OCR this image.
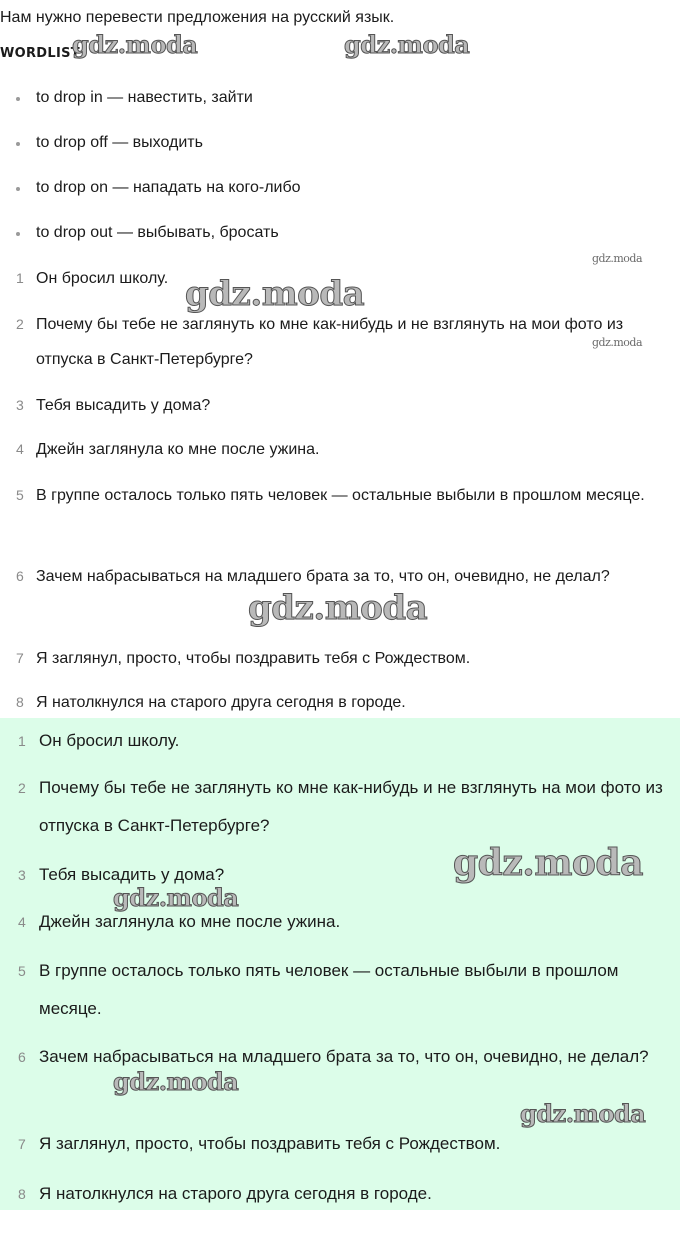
Нам нужно перевести предложения на русский язык.
WORDLIST
to drop in — навестить, зайти
to drop off — выходить
to drop on — нападать на кого-либо
to drop out — выбывать, бросать
1 Он бросил школу.
2 Почему бы тебе не заглянуть ко мне как-нибудь и не взглянуть на мои фото из отпуска в Санкт-Петербурге?
3 Тебя высадить у дома?
4 Джейн заглянула ко мне после ужина.
5 В группе осталось только пять человек — остальные выбыли в прошлом месяце.
6 Зачем набрасываться на младшего брата за то, что он, очевидно, не делал?
7 Я заглянул, просто, чтобы поздравить тебя с Рождеством.
8 Я натолкнулся на старого друга сегодня в городе.
1 Он бросил школу.
2 Почему бы тебе не заглянуть ко мне как-нибудь и не взглянуть на мои фото из отпуска в Санкт-Петербурге?
3 Тебя высадить у дома?
4 Джейн заглянула ко мне после ужина.
5 В группе осталось только пять человек — остальные выбыли в прошлом месяце.
6 Зачем набрасываться на младшего брата за то, что он, очевидно, не делал?
7 Я заглянул, просто, чтобы поздравить тебя с Рождеством.
8 Я натолкнулся на старого друга сегодня в городе.
gdz.moda	gdz.moda
gdz.moda
gdz.moda
gdz.moda
gdz.moda
gdz.moda
gdz.moda
gdz.moda
gdz.moda
